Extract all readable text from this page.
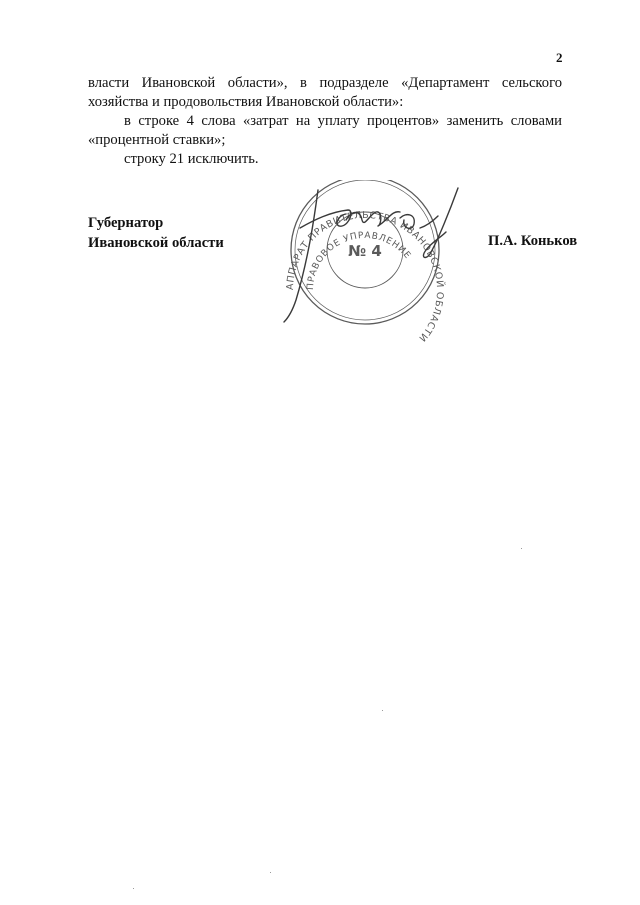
2

власти Ивановской области», в подразделе «Департамент сельского хозяйства и продовольствия Ивановской области»:

в строке 4 слова «затрат на уплату процентов» заменить словами «процентной ставки»;

строку 21 исключить.

Губернатор
Ивановской области	П.А. Коньков
АППАРАТ ПРАВИТЕЛЬСТВА ИВАНОВСКОЙ ОБЛАСТИ
ПРАВОВОЕ УПРАВЛЕНИЕ
№ 4
